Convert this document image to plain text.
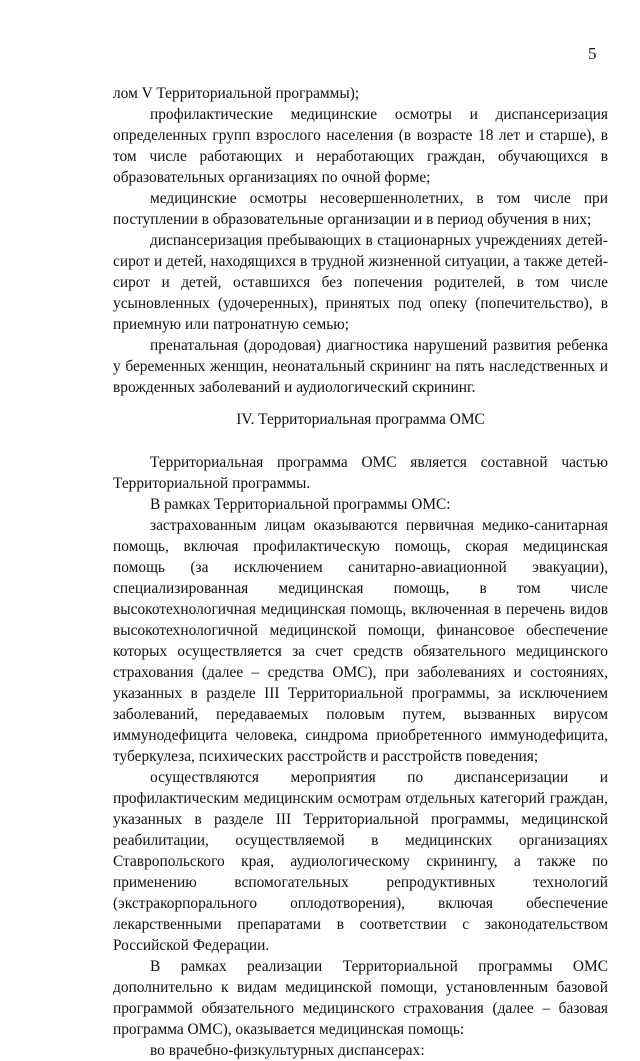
5

лом V Территориальной программы);

профилактические медицинские осмотры и диспансеризация определенных групп взрослого населения (в возрасте 18 лет и старше), в том числе работающих и неработающих граждан, обучающихся в образовательных организациях по очной форме;

медицинские осмотры несовершеннолетних, в том числе при поступлении в образовательные организации и в период обучения в них;

диспансеризация пребывающих в стационарных учреждениях детей-сирот и детей, находящихся в трудной жизненной ситуации, а также детей-сирот и детей, оставшихся без попечения родителей, в том числе усыновленных (удочеренных), принятых под опеку (попечительство), в приемную или патронатную семью;

пренатальная (дородовая) диагностика нарушений развития ребенка у беременных женщин, неонатальный скрининг на пять наследственных и врожденных заболеваний и аудиологический скрининг.

IV. Территориальная программа ОМС

Территориальная программа ОМС является составной частью Территориальной программы.

В рамках Территориальной программы ОМС:

застрахованным лицам оказываются первичная медико-санитарная помощь, включая профилактическую помощь, скорая медицинская помощь (за исключением санитарно-авиационной эвакуации), специализированная медицинская помощь, в том числе высокотехнологичная медицинская помощь, включенная в перечень видов высокотехнологичной медицинской помощи, финансовое обеспечение которых осуществляется за счет средств обязательного медицинского страхования (далее – средства ОМС), при заболеваниях и состояниях, указанных в разделе III Территориальной программы, за исключением заболеваний, передаваемых половым путем, вызванных вирусом иммунодефицита человека, синдрома приобретенного иммунодефицита, туберкулеза, психических расстройств и расстройств поведения;

осуществляются мероприятия по диспансеризации и профилактическим медицинским осмотрам отдельных категорий граждан, указанных в разделе III Территориальной программы, медицинской реабилитации, осуществляемой в медицинских организациях Ставропольского края, аудиологическому скринингу, а также по применению вспомогательных репродуктивных технологий (экстракорпорального оплодотворения), включая обеспечение лекарственными препаратами в соответствии с законодательством Российской Федерации.

В рамках реализации Территориальной программы ОМС дополнительно к видам медицинской помощи, установленным базовой программой обязательного медицинского страхования (далее – базовая программа ОМС), оказывается медицинская помощь:

во врачебно-физкультурных диспансерах:
